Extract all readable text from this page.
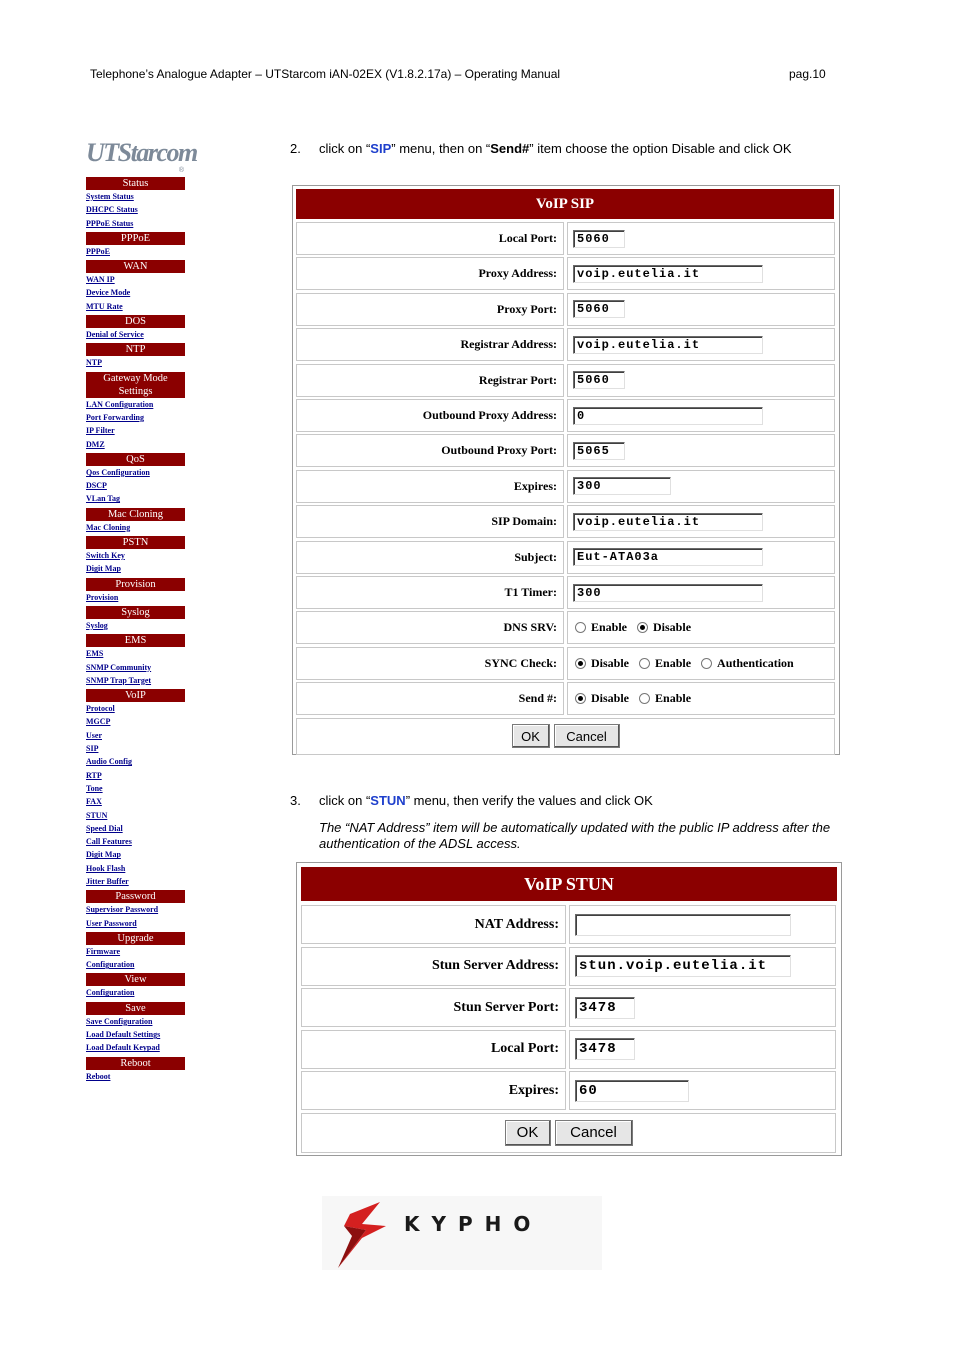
Telephone’s Analogue Adapter – UTStarcom iAN-02EX (V1.8.2.17a) – Operating Manual	pag.10
UTStarcom
®
Status
System Status
DHCPC Status
PPPoE Status
PPPoE
PPPoE
WAN
WAN IP
Device Mode
MTU Rate
DOS
Denial of Service
NTP
NTP
Gateway Mode Settings
LAN Configuration
Port Forwarding
IP Filter
DMZ
QoS
Qos Configuration
DSCP
VLan Tag
Mac Cloning
Mac Cloning
PSTN
Switch Key
Digit Map
Provision
Provision
Syslog
Syslog
EMS
EMS
SNMP Community
SNMP Trap Target
VoIP
Protocol
MGCP
User
SIP
Audio Config
RTP
Tone
FAX
STUN
Speed Dial
Call Features
Digit Map
Hook Flash
Jitter Buffer
Password
Supervisor Password
User Password
Upgrade
Firmware
Configuration
View
Configuration
Save
Save Configuration
Load Default Settings
Load Default Keypad
Reboot
Reboot
2. click on “SIP” menu, then on “Send#” item choose the option Disable and click OK
VoIP SIP
Local Port:	5060
Proxy Address:	voip.eutelia.it
Proxy Port:	5060
Registrar Address:	voip.eutelia.it
Registrar Port:	5060
Outbound Proxy Address:	0
Outbound Proxy Port:	5065
Expires:	300
SIP Domain:	voip.eutelia.it
Subject:	Eut-ATA03a
T1 Timer:	300
DNS SRV:	Enable Disable
SYNC Check:	Disable Enable Authentication
Send #:	Disable Enable
OK	Cancel
3. click on “STUN” menu, then verify the values and click OK
The “NAT Address” item will be automatically updated with the public IP address after the authentication of the ADSL access.
VoIP STUN
NAT Address:
Stun Server Address:	stun.voip.eutelia.it
Stun Server Port:	3478
Local Port:	3478
Expires:	60
OK	Cancel
KYPHO
